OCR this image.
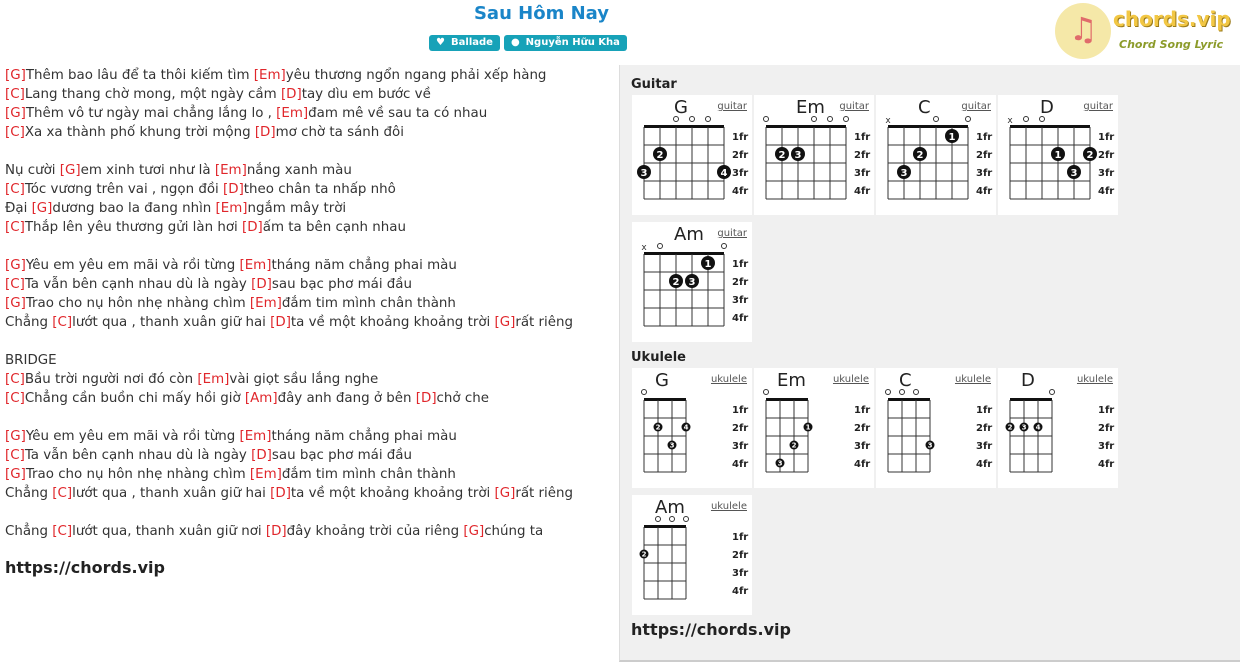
Sau Hôm Nay
♥ Ballade ● Nguyễn Hữu Kha	♫ chords.vip
Chord Song Lyric
[G]Thêm bao lâu để ta thôi kiếm tìm [Em]yêu thương ngổn ngang phải xếp hàng
[C]Lang thang chờ mong, một ngày cầm [D]tay dìu em bước về
[G]Thêm vô tư ngày mai chẳng lắng lo , [Em]đam mê về sau ta có nhau
[C]Xa xa thành phố khung trời mộng [D]mơ chờ ta sánh đôi
Nụ cười [G]em xinh tươi như là [Em]nắng xanh màu
[C]Tóc vương trên vai , ngọn đồi [D]theo chân ta nhấp nhô
Đại [G]dương bao la đang nhìn [Em]ngắm mây trời
[C]Thắp lên yêu thương gửi làn hơi [D]ấm ta bên cạnh nhau
[G]Yêu em yêu em mãi và rồi từng [Em]tháng năm chẳng phai màu
[C]Ta vẫn bên cạnh nhau dù là ngày [D]sau bạc phơ mái đầu
[G]Trao cho nụ hôn nhẹ nhàng chìm [Em]đắm tim mình chân thành
Chẳng [C]lướt qua , thanh xuân giữ hai [D]ta về một khoảng khoảng trời [G]rất riêng
BRIDGE
[C]Bầu trời người nơi đó còn [Em]vài giọt sầu lắng nghe
[C]Chẳng cần buồn chi mấy hồi giờ [Am]đây anh đang ở bên [D]chở che
[G]Yêu em yêu em mãi và rồi từng [Em]tháng năm chẳng phai màu
[C]Ta vẫn bên cạnh nhau dù là ngày [D]sau bạc phơ mái đầu
[G]Trao cho nụ hôn nhẹ nhàng chìm [Em]đắm tim mình chân thành
Chẳng [C]lướt qua , thanh xuân giữ hai [D]ta về một khoảng khoảng trời [G]rất riêng
Chẳng [C]lướt qua, thanh xuân giữ nơi [D]đây khoảng trời của riêng [G]chúng ta
https://chords.vip
Guitar
Ukulele
https://chords.vip
3
2
4
1fr
2fr
3fr
4fr
G	guitar
2 3
1fr
2fr
3fr
4fr
Em guitar
x
3
2
1 1fr
2fr
3fr
4fr
C	guitar
x
1
3
2
1fr
2fr
3fr
4fr
D	guitar
x
2 3
1 1fr
2fr
3fr
4fr
Am guitar
2
3
4
1fr
2fr
3fr
4fr
G	ukulele
3
2
1
1fr
2fr
3fr
4fr
Em	ukulele
3
1fr
2fr
3fr
4fr
C	ukulele
2 3 4
1fr
2fr
3fr
4fr
D	ukulele
2
1fr
2fr
3fr
4fr
Am	ukulele
